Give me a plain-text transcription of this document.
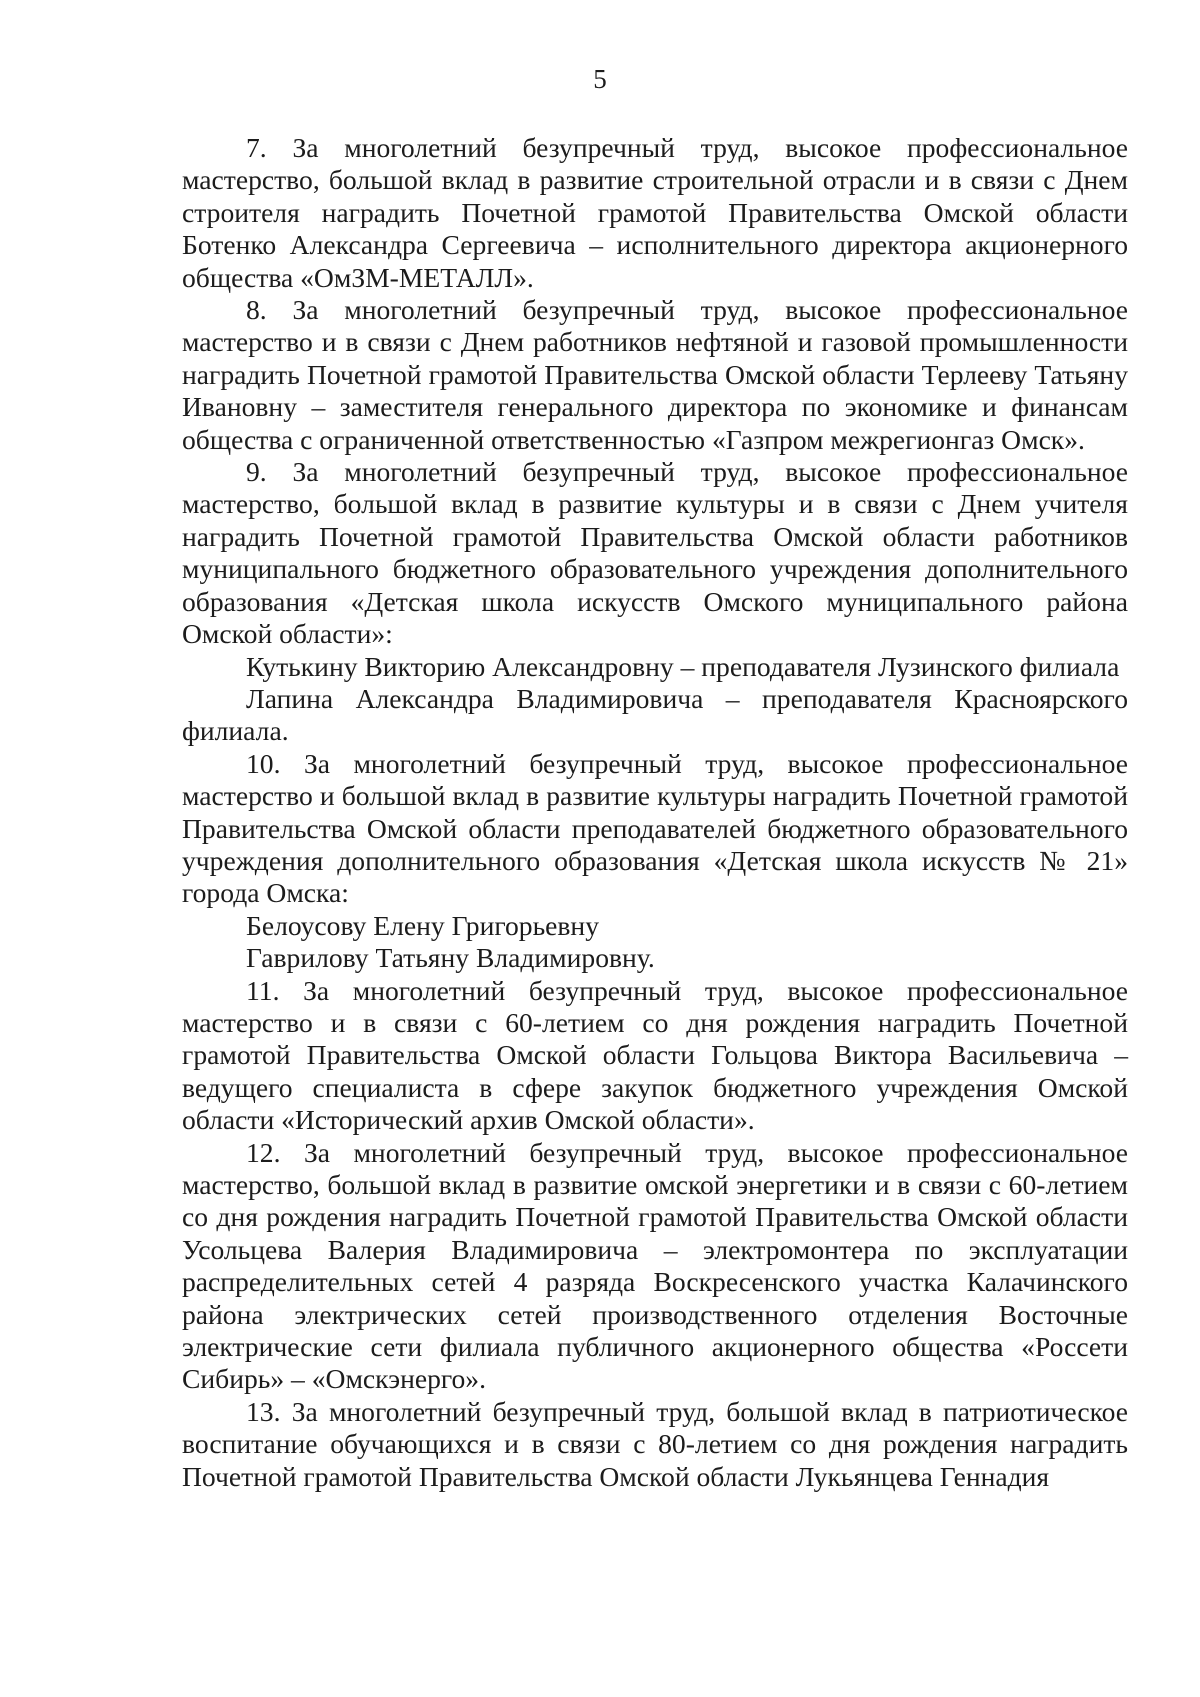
5

7. За многолетний безупречный труд, высокое профессиональное мастерство, большой вклад в развитие строительной отрасли и в связи с Днем строителя наградить Почетной грамотой Правительства Омской области Ботенко Александра Сергеевича – исполнительного директора акционерного общества «ОмЗМ-МЕТАЛЛ».

8. За многолетний безупречный труд, высокое профессиональное мастерство и в связи с Днем работников нефтяной и газовой промышленности наградить Почетной грамотой Правительства Омской области Терлееву Татьяну Ивановну – заместителя генерального директора по экономике и финансам общества с ограниченной ответственностью «Газпром межрегионгаз Омск».

9. За многолетний безупречный труд, высокое профессиональное мастерство, большой вклад в развитие культуры и в связи с Днем учителя наградить Почетной грамотой Правительства Омской области работников муниципального бюджетного образовательного учреждения дополнительного образования «Детская школа искусств Омского муниципального района Омской области»:

Кутькину Викторию Александровну – преподавателя Лузинского филиала

Лапина Александра Владимировича – преподавателя Красноярского филиала.

10. За многолетний безупречный труд, высокое профессиональное мастерство и большой вклад в развитие культуры наградить Почетной грамотой Правительства Омской области преподавателей бюджетного образовательного учреждения дополнительного образования «Детская школа искусств № 21» города Омска:

Белоусову Елену Григорьевну

Гаврилову Татьяну Владимировну.

11. За многолетний безупречный труд, высокое профессиональное мастерство и в связи с 60-летием со дня рождения наградить Почетной грамотой Правительства Омской области Гольцова Виктора Васильевича – ведущего специалиста в сфере закупок бюджетного учреждения Омской области «Исторический архив Омской области».

12. За многолетний безупречный труд, высокое профессиональное мастерство, большой вклад в развитие омской энергетики и в связи с 60-летием со дня рождения наградить Почетной грамотой Правительства Омской области Усольцева Валерия Владимировича – электромонтера по эксплуатации распределительных сетей 4 разряда Воскресенского участка Калачинского района электрических сетей производственного отделения Восточные электрические сети филиала публичного акционерного общества «Россети Сибирь» – «Омскэнерго».

13. За многолетний безупречный труд, большой вклад в патриотическое воспитание обучающихся и в связи с 80-летием со дня рождения наградить Почетной грамотой Правительства Омской области Лукьянцева Геннадия
